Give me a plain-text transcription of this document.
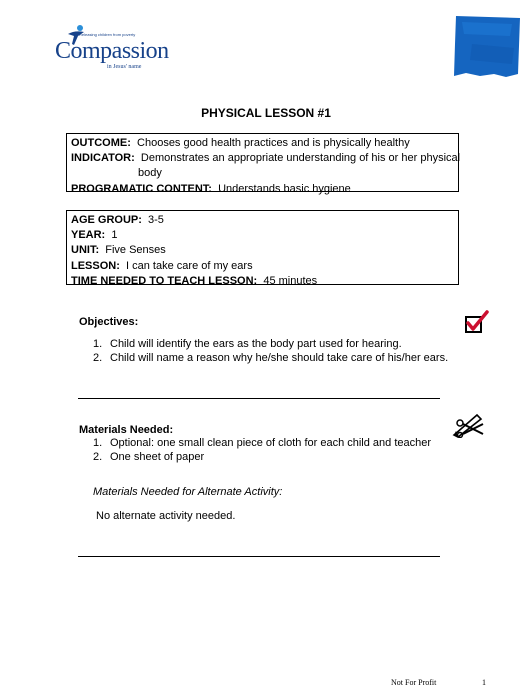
Releasing children from poverty
Compassion
in Jesus' name
PHYSICAL LESSON #1
OUTCOME: Chooses good health practices and is physically healthy
INDICATOR: Demonstrates an appropriate understanding of his or her physical
body
PROGRAMATIC CONTENT: Understands basic hygiene
AGE GROUP: 3-5
YEAR: 1
UNIT: Five Senses
LESSON: I can take care of my ears
TIME NEEDED TO TEACH LESSON: 45 minutes
Objectives:
1. Child will identify the ears as the body part used for hearing.
2. Child will name a reason why he/she should take care of his/her ears.
Materials Needed:
1. Optional: one small clean piece of cloth for each child and teacher
2. One sheet of paper
Materials Needed for Alternate Activity:
No alternate activity needed.
Not For Profit	1
